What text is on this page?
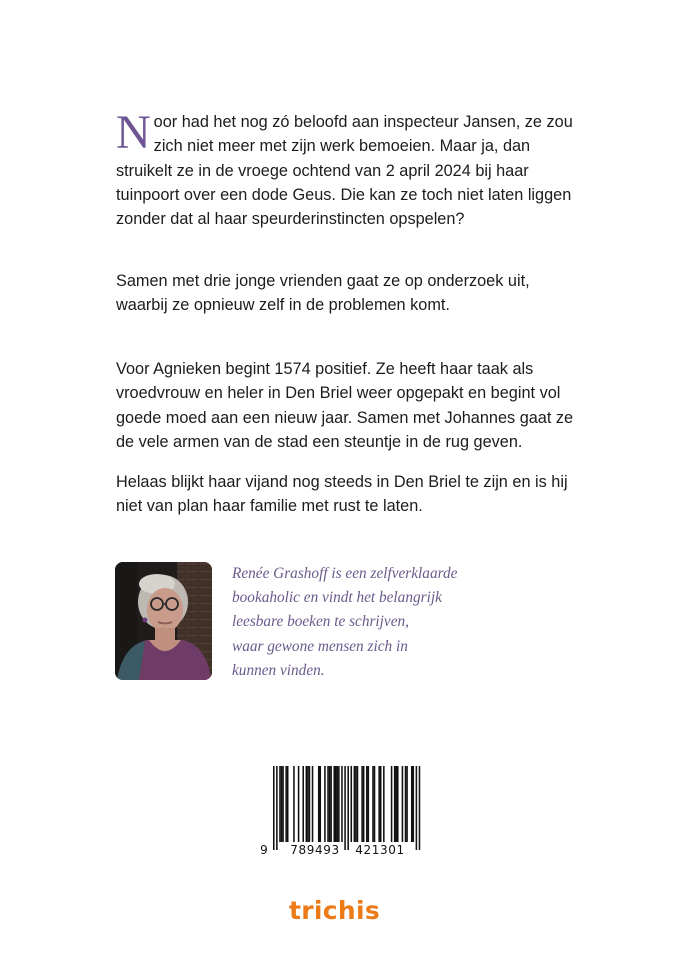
Noor had het nog zó beloofd aan inspecteur Jansen, ze zou zich niet meer met zijn werk bemoeien. Maar ja, dan struikelt ze in de vroege ochtend van 2 april 2024 bij haar tuinpoort over een dode Geus. Die kan ze toch niet laten liggen zonder dat al haar speurderinstincten opspelen?

Samen met drie jonge vrienden gaat ze op onderzoek uit, waarbij ze opnieuw zelf in de problemen komt.

Voor Agnieken begint 1574 positief. Ze heeft haar taak als vroedvrouw en heler in Den Briel weer opgepakt en begint vol goede moed aan een nieuw jaar. Samen met Johannes gaat ze de vele armen van de stad een steuntje in de rug geven.

Helaas blijkt haar vijand nog steeds in Den Briel te zijn en is hij niet van plan haar familie met rust te laten.

Renée Grashoff is een zelfverklaarde
bookaholic en vindt het belangrijk
leesbare boeken te schrijven,
waar gewone mensen zich in
kunnen vinden.
9 789493 421301
trichis
